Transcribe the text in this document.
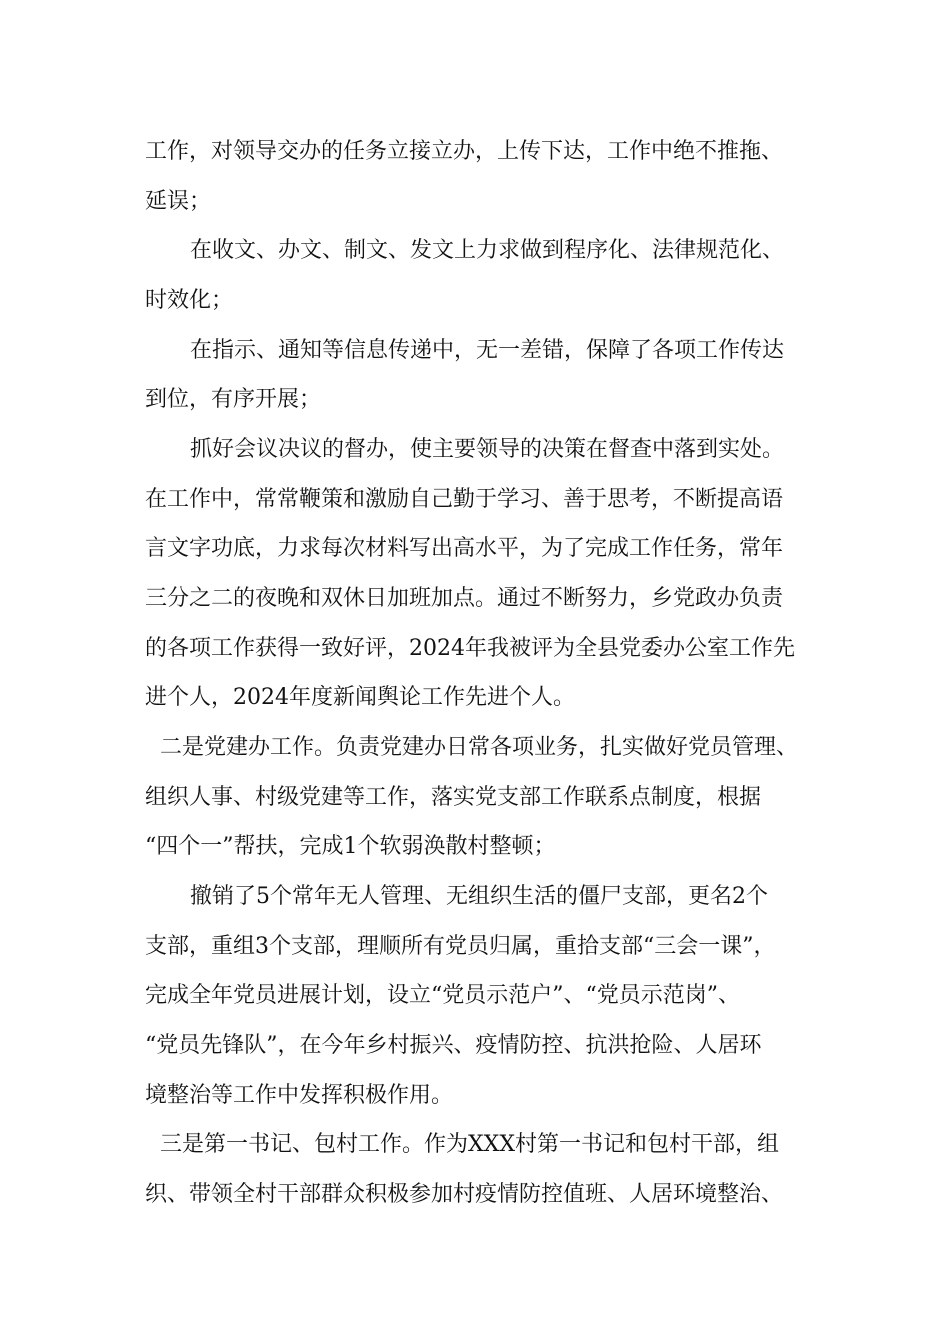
工作，对领导交办的任务立接立办，上传下达，工作中绝不推拖、
延误；
在收文、办文、制文、发文上力求做到程序化、法律规范化、
时效化；
在指示、通知等信息传递中，无一差错，保障了各项工作传达
到位，有序开展；
抓好会议决议的督办，使主要领导的决策在督查中落到实处。
在工作中，常常鞭策和激励自己勤于学习、善于思考，不断提高语
言文字功底，力求每次材料写出高水平，为了完成工作任务，常年
三分之二的夜晚和双休日加班加点。通过不断努力，乡党政办负责
的各项工作获得一致好评，2024年我被评为全县党委办公室工作先
进个人，2024年度新闻舆论工作先进个人。
二是党建办工作。负责党建办日常各项业务，扎实做好党员管理、
组织人事、村级党建等工作，落实党支部工作联系点制度，根据
“四个一”帮扶，完成1个软弱涣散村整顿；
撤销了5个常年无人管理、无组织生活的僵尸支部，更名2个
支部，重组3个支部，理顺所有党员归属，重拾支部“三会一课”，
完成全年党员进展计划，设立“党员示范户”、“党员示范岗”、
“党员先锋队”，在今年乡村振兴、疫情防控、抗洪抢险、人居环
境整治等工作中发挥积极作用。
三是第一书记、包村工作。作为XXX村第一书记和包村干部，组
织、带领全村干部群众积极参加村疫情防控值班、人居环境整治、
